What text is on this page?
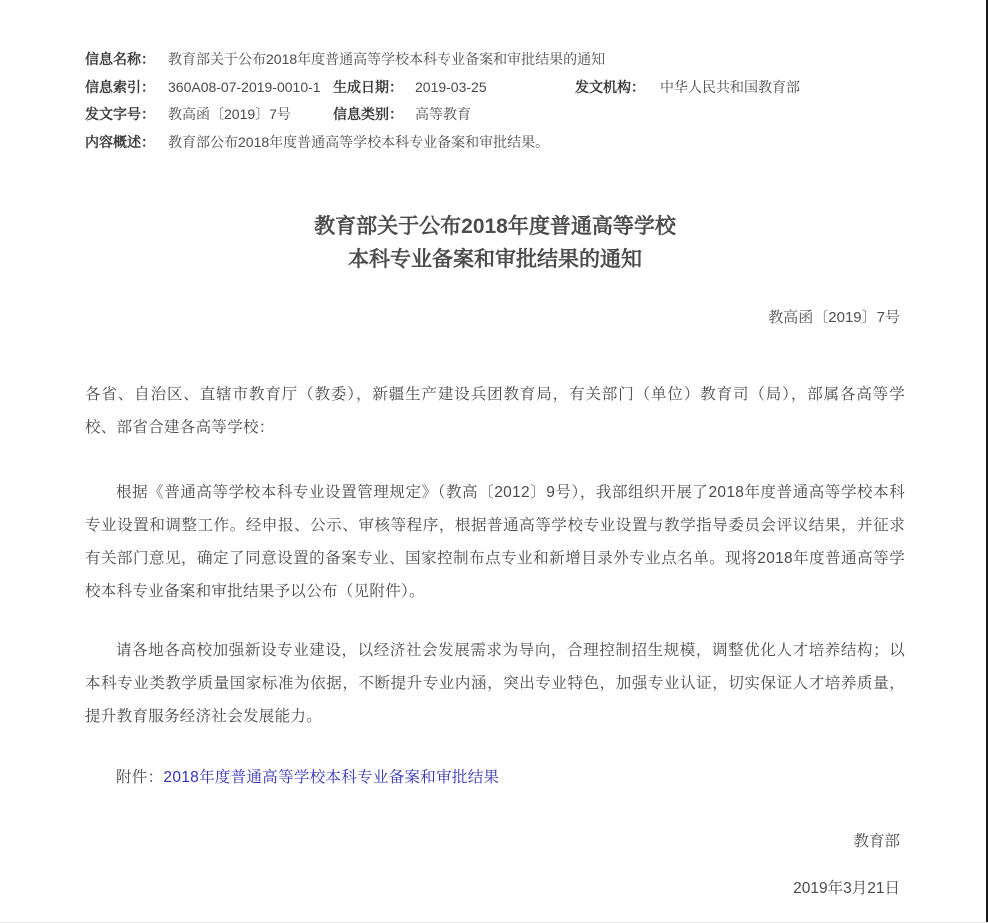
信息名称： 教育部关于公布2018年度普通高等学校本科专业备案和审批结果的通知
信息索引： 360A08-07-2019-0010-1 生成日期： 2019-03-25	发文机构：	中华人民共和国教育部
发文字号： 教高函〔2019〕7号	信息类别： 高等教育
内容概述： 教育部公布2018年度普通高等学校本科专业备案和审批结果。
教育部关于公布2018年度普通高等学校
本科专业备案和审批结果的通知
教高函〔2019〕7号
各省、自治区、直辖市教育厅（教委），新疆生产建设兵团教育局，有关部门（单位）教育司（局），部属各高等学校、部省合建各高等学校：

根据《普通高等学校本科专业设置管理规定》（教高〔2012〕9号），我部组织开展了2018年度普通高等学校本科专业设置和调整工作。经申报、公示、审核等程序，根据普通高等学校专业设置与教学指导委员会评议结果，并征求有关部门意见，确定了同意设置的备案专业、国家控制布点专业和新增目录外专业点名单。现将2018年度普通高等学校本科专业备案和审批结果予以公布（见附件）。

请各地各高校加强新设专业建设，以经济社会发展需求为导向，合理控制招生规模，调整优化人才培养结构；以本科专业类教学质量国家标准为依据，不断提升专业内涵，突出专业特色，加强专业认证，切实保证人才培养质量，提升教育服务经济社会发展能力。

附件：2018年度普通高等学校本科专业备案和审批结果
教育部
2019年3月21日
